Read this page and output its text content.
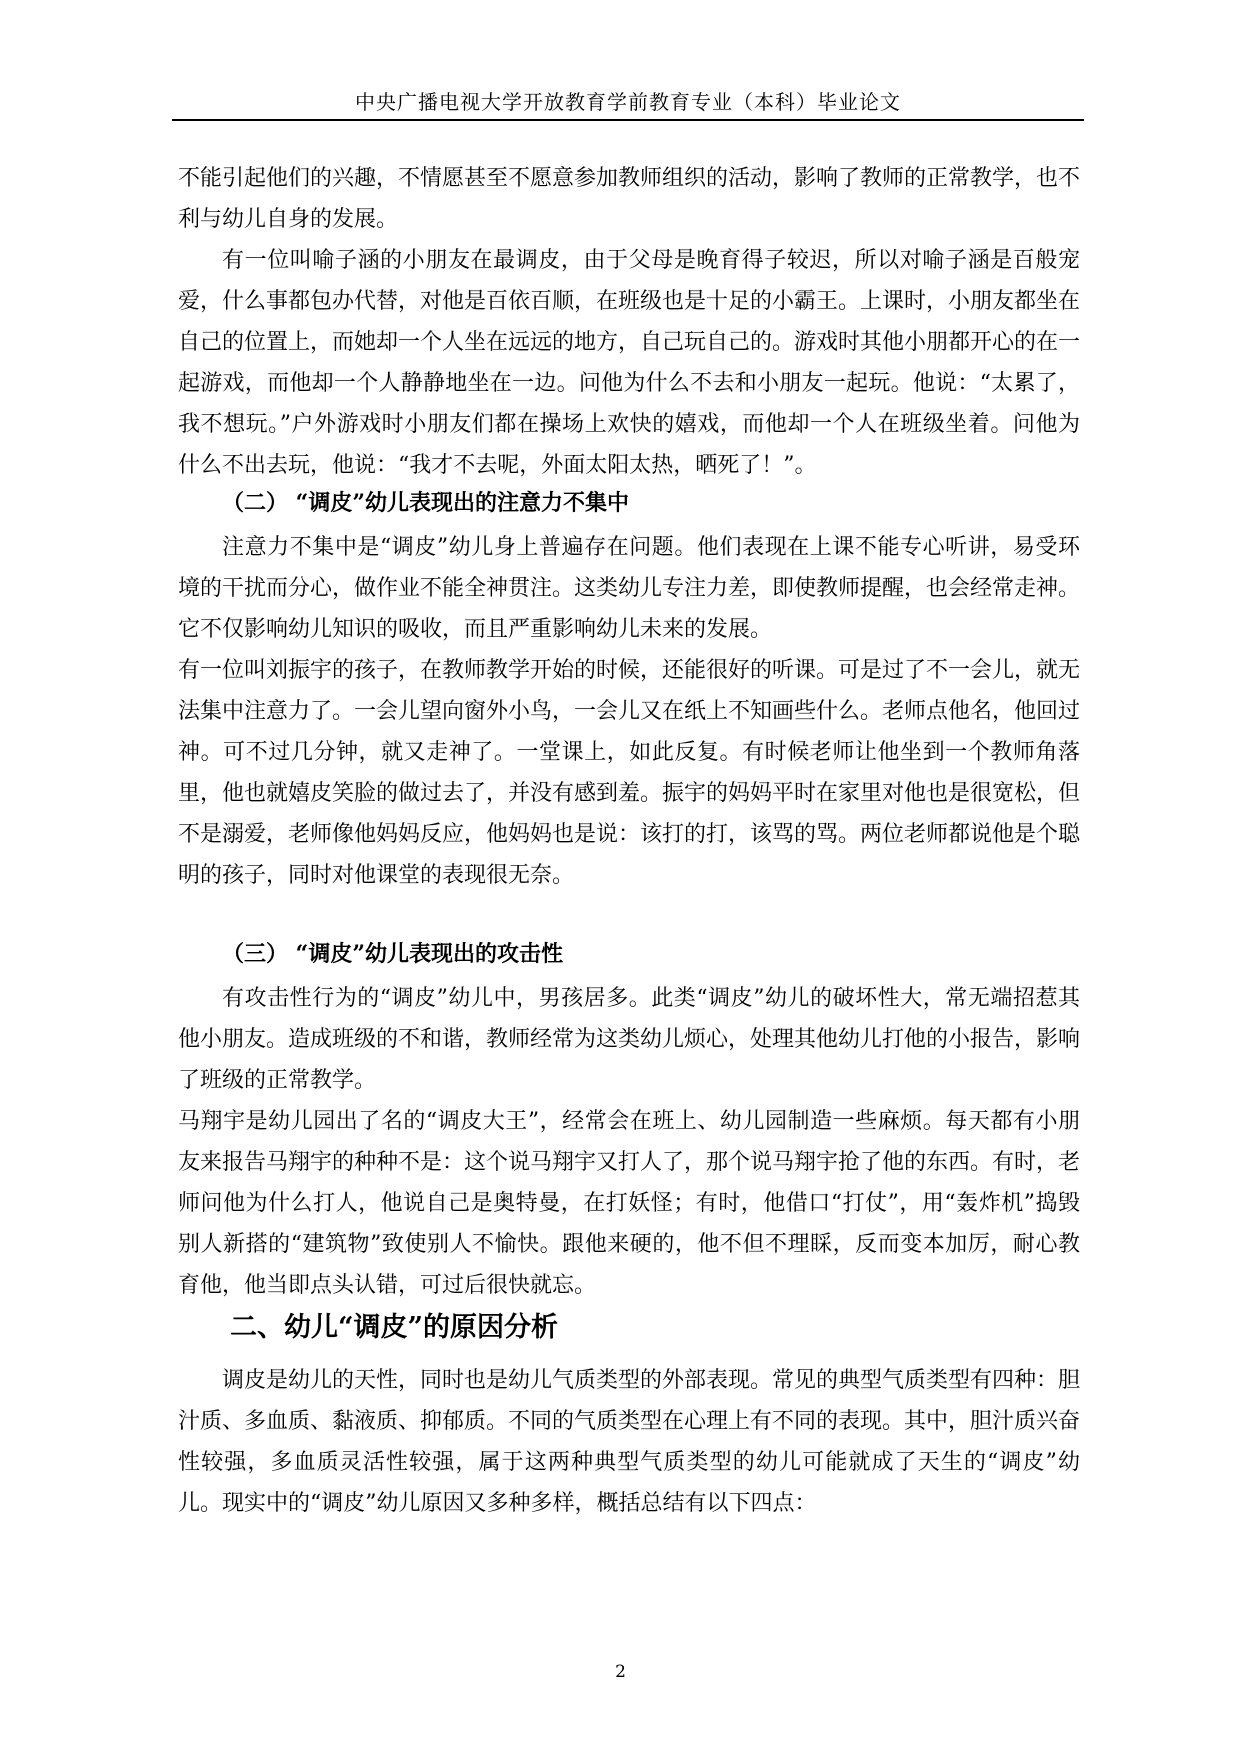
中央广播电视大学开放教育学前教育专业（本科）毕业论文

不能引起他们的兴趣，不情愿甚至不愿意参加教师组织的活动，影响了教师的正常教学，也不利与幼儿自身的发展。

有一位叫喻子涵的小朋友在最调皮，由于父母是晚育得子较迟，所以对喻子涵是百般宠爱，什么事都包办代替，对他是百依百顺，在班级也是十足的小霸王。上课时，小朋友都坐在自己的位置上，而她却一个人坐在远远的地方，自己玩自己的。游戏时其他小朋都开心的在一起游戏，而他却一个人静静地坐在一边。问他为什么不去和小朋友一起玩。他说：“太累了，我不想玩。”户外游戏时小朋友们都在操场上欢快的嬉戏，而他却一个人在班级坐着。问他为什么不出去玩，他说：“我才不去呢，外面太阳太热，晒死了！”。

（二） “调皮”幼儿表现出的注意力不集中

注意力不集中是“调皮”幼儿身上普遍存在问题。他们表现在上课不能专心听讲，易受环境的干扰而分心，做作业不能全神贯注。这类幼儿专注力差，即使教师提醒，也会经常走神。它不仅影响幼儿知识的吸收，而且严重影响幼儿未来的发展。

有一位叫刘振宇的孩子，在教师教学开始的时候，还能很好的听课。可是过了不一会儿，就无法集中注意力了。一会儿望向窗外小鸟，一会儿又在纸上不知画些什么。老师点他名，他回过神。可不过几分钟，就又走神了。一堂课上，如此反复。有时候老师让他坐到一个教师角落里，他也就嬉皮笑脸的做过去了，并没有感到羞。振宇的妈妈平时在家里对他也是很宽松，但不是溺爱，老师像他妈妈反应，他妈妈也是说：该打的打，该骂的骂。两位老师都说他是个聪明的孩子，同时对他课堂的表现很无奈。

（三） “调皮”幼儿表现出的攻击性

有攻击性行为的“调皮”幼儿中，男孩居多。此类“调皮”幼儿的破坏性大，常无端招惹其他小朋友。造成班级的不和谐，教师经常为这类幼儿烦心，处理其他幼儿打他的小报告，影响了班级的正常教学。

马翔宇是幼儿园出了名的“调皮大王”，经常会在班上、幼儿园制造一些麻烦。每天都有小朋友来报告马翔宇的种种不是：这个说马翔宇又打人了，那个说马翔宇抢了他的东西。有时，老师问他为什么打人，他说自己是奥特曼，在打妖怪；有时，他借口“打仗”，用“轰炸机”捣毁别人新搭的“建筑物”致使别人不愉快。跟他来硬的，他不但不理睬，反而变本加厉，耐心教育他，他当即点头认错，可过后很快就忘。

二、幼儿“调皮”的原因分析

调皮是幼儿的天性，同时也是幼儿气质类型的外部表现。常见的典型气质类型有四种：胆汁质、多血质、黏液质、抑郁质。不同的气质类型在心理上有不同的表现。其中，胆汁质兴奋性较强，多血质灵活性较强，属于这两种典型气质类型的幼儿可能就成了天生的“调皮”幼儿。现实中的“调皮”幼儿原因又多种多样，概括总结有以下四点：

2
